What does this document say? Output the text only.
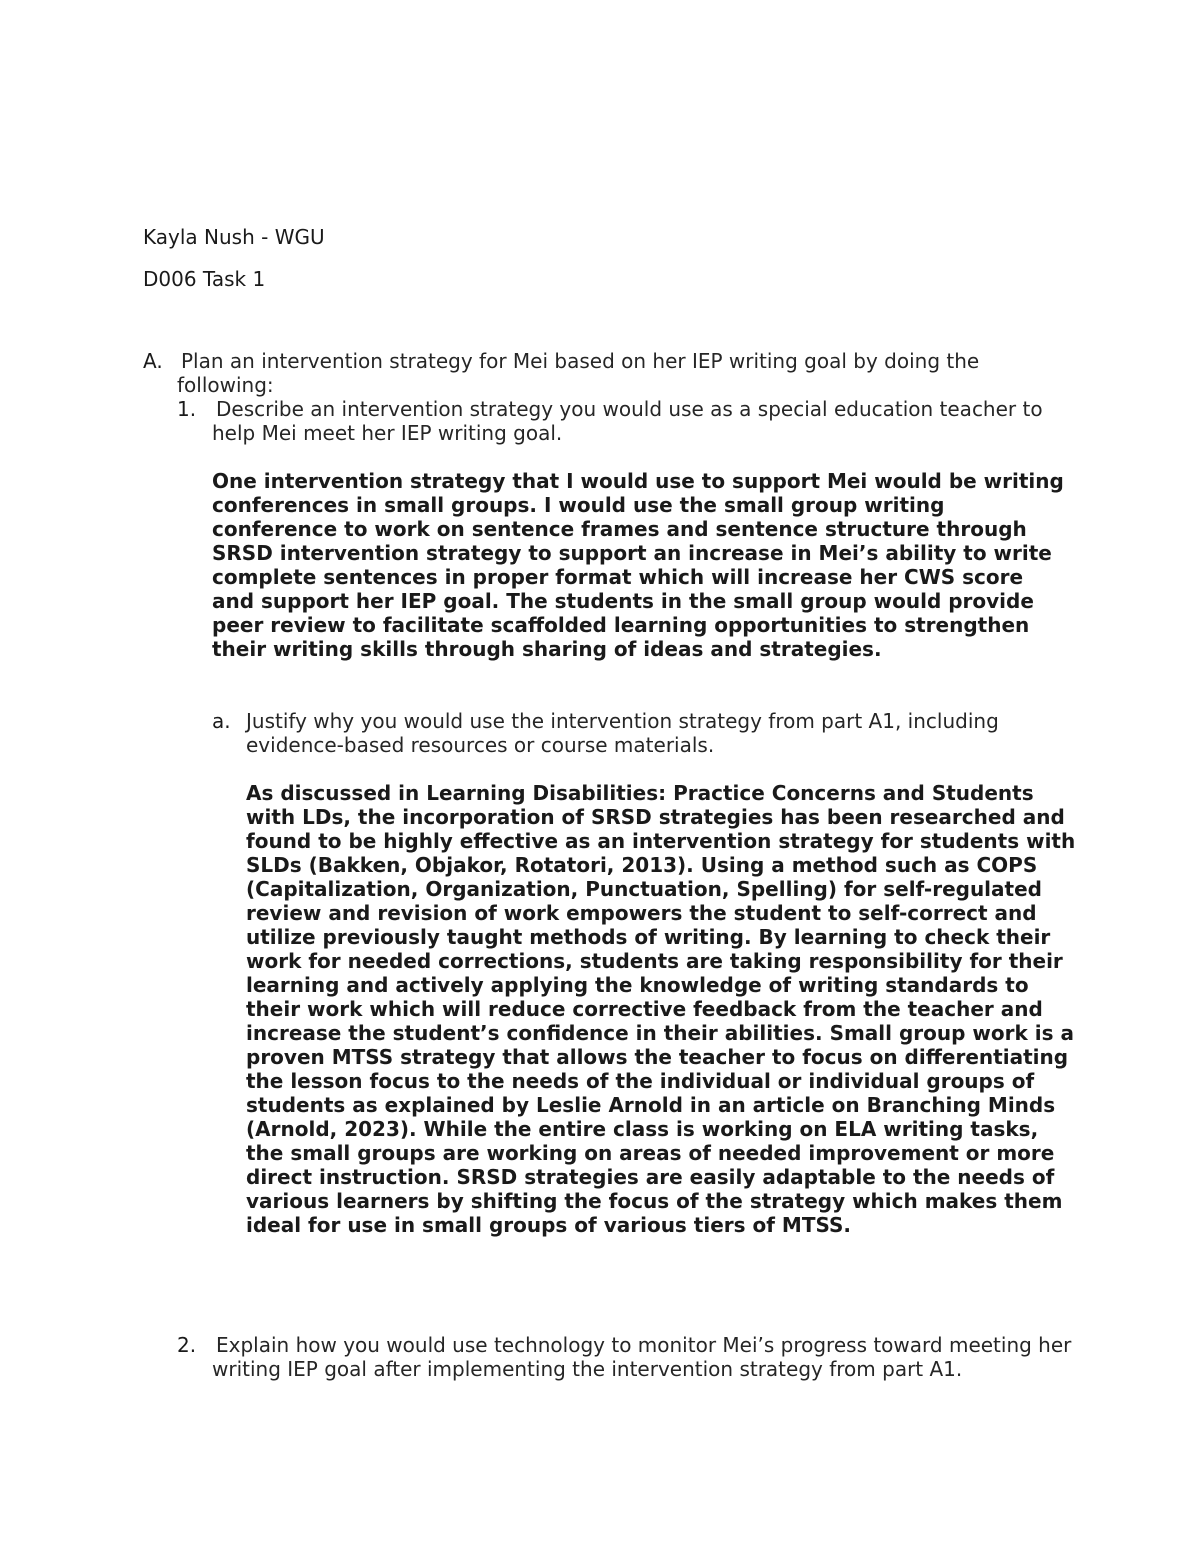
Kayla Nush - WGU
D006 Task 1
A. Plan an intervention strategy for Mei based on her IEP writing goal by doing the following:

1. Describe an intervention strategy you would use as a special education teacher to help Mei meet her IEP writing goal.

One intervention strategy that I would use to support Mei would be writing conferences in small groups. I would use the small group writing conference to work on sentence frames and sentence structure through SRSD intervention strategy to support an increase in Mei’s ability to write complete sentences in proper format which will increase her CWS score and support her IEP goal. The students in the small group would provide peer review to facilitate scaffolded learning opportunities to strengthen their writing skills through sharing of ideas and strategies.

a. Justify why you would use the intervention strategy from part A1, including evidence-based resources or course materials.

As discussed in Learning Disabilities: Practice Concerns and Students with LDs, the incorporation of SRSD strategies has been researched and found to be highly effective as an intervention strategy for students with SLDs (Bakken, Objakor, Rotatori, 2013). Using a method such as COPS (Capitalization, Organization, Punctuation, Spelling) for self-regulated review and revision of work empowers the student to self-correct and utilize previously taught methods of writing. By learning to check their work for needed corrections, students are taking responsibility for their learning and actively applying the knowledge of writing standards to their work which will reduce corrective feedback from the teacher and increase the student’s confidence in their abilities. Small group work is a proven MTSS strategy that allows the teacher to focus on differentiating the lesson focus to the needs of the individual or individual groups of students as explained by Leslie Arnold in an article on Branching Minds (Arnold, 2023). While the entire class is working on ELA writing tasks, the small groups are working on areas of needed improvement or more direct instruction. SRSD strategies are easily adaptable to the needs of various learners by shifting the focus of the strategy which makes them ideal for use in small groups of various tiers of MTSS.

2. Explain how you would use technology to monitor Mei’s progress toward meeting her writing IEP goal after implementing the intervention strategy from part A1.
